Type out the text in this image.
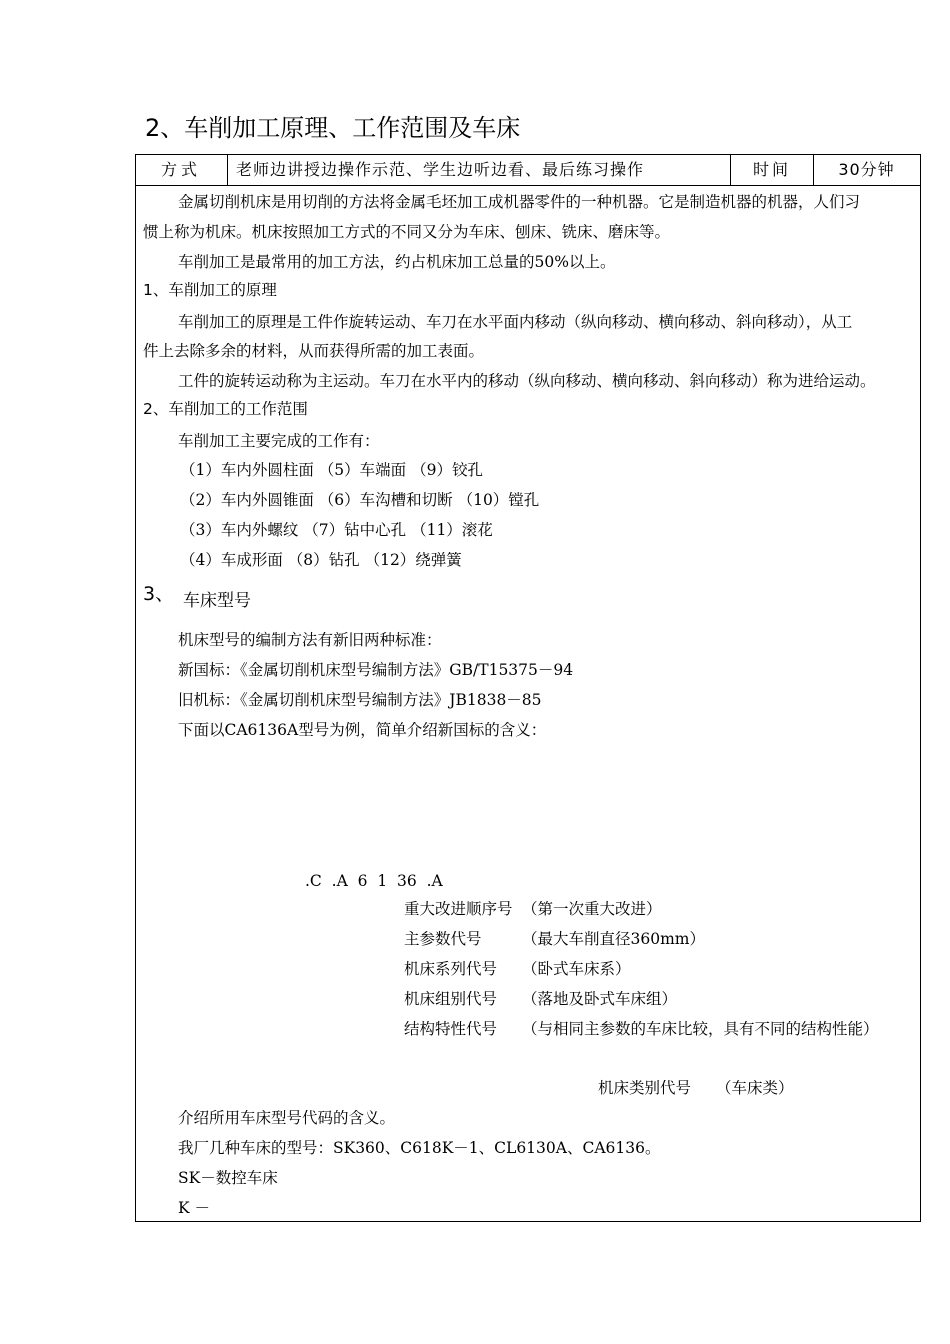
2、车削加工原理、工作范围及车床
方式	老师边讲授边操作示范、学生边听边看、最后练习操作	时间	30分钟
金属切削机床是用切削的方法将金属毛坯加工成机器零件的一种机器。它是制造机器的机器，人们习
惯上称为机床。机床按照加工方式的不同又分为车床、刨床、铣床、磨床等。
车削加工是最常用的加工方法，约占机床加工总量的50%以上。
1、车削加工的原理
车削加工的原理是工件作旋转运动、车刀在水平面内移动（纵向移动、横向移动、斜向移动），从工
件上去除多余的材料，从而获得所需的加工表面。
工件的旋转运动称为主运动。车刀在水平内的移动（纵向移动、横向移动、斜向移动）称为进给运动。
2、车削加工的工作范围
车削加工主要完成的工作有：
（1）车内外圆柱面 （5）车端面 （9）铰孔
（2）车内外圆锥面 （6）车沟槽和切断 （10）镗孔
（3）车内外螺纹 （7）钻中心孔 （11）滚花
（4）车成形面 （8）钻孔 （12）绕弹簧
3、 车床型号
机床型号的编制方法有新旧两种标准：
新国标：《金属切削机床型号编制方法》GB/T15375－94
旧机标：《金属切削机床型号编制方法》JB1838－85
下面以CA6136A型号为例，简单介绍新国标的含义：
.C  .A  6  1  36  .A
重大改进顺序号 （第一次重大改进）
主参数代号	（最大车削直径360mm）
机床系列代号 （卧式车床系）
机床组别代号 （落地及卧式车床组）
结构特性代号 （与相同主参数的车床比较，具有不同的结构性能）
机床类别代号 （车床类）
介绍所用车床型号代码的含义。
我厂几种车床的型号：SK360、C618K－1、CL6130A、CA6136。
SK－数控车床
K －
